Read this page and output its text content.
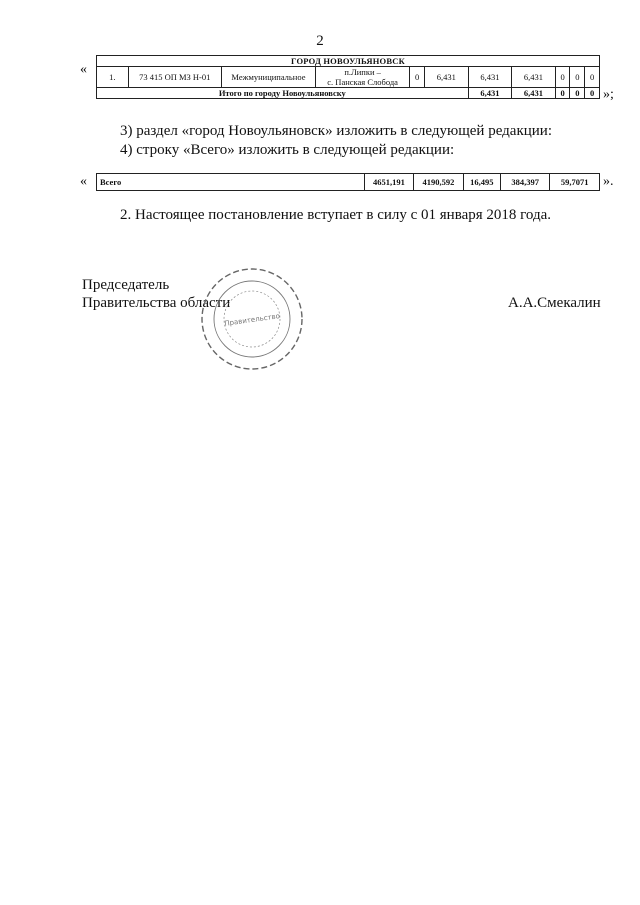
2
«
ГОРОД НОВОУЛЬЯНОВСК										
1.	73 415 ОП МЗ Н-01	Межмуниципальное	п.Липки –
с. Панская Слобода	0	6,431	6,431	6,431	0	0	0
Итого по городу Новоульяновску						6,431	6,431	0	0	0 »;
3) раздел «город Новоульяновск» изложить в следующей редакции:
4) строку «Всего» изложить в следующей редакции:
« Всего	4651,191	4190,592	16,495	384,397	59,7071 ».
2. Настоящее постановление вступает в силу с 01 января 2018 года.
Председатель
Правительства области	А.А.Смекалин
Правительство
